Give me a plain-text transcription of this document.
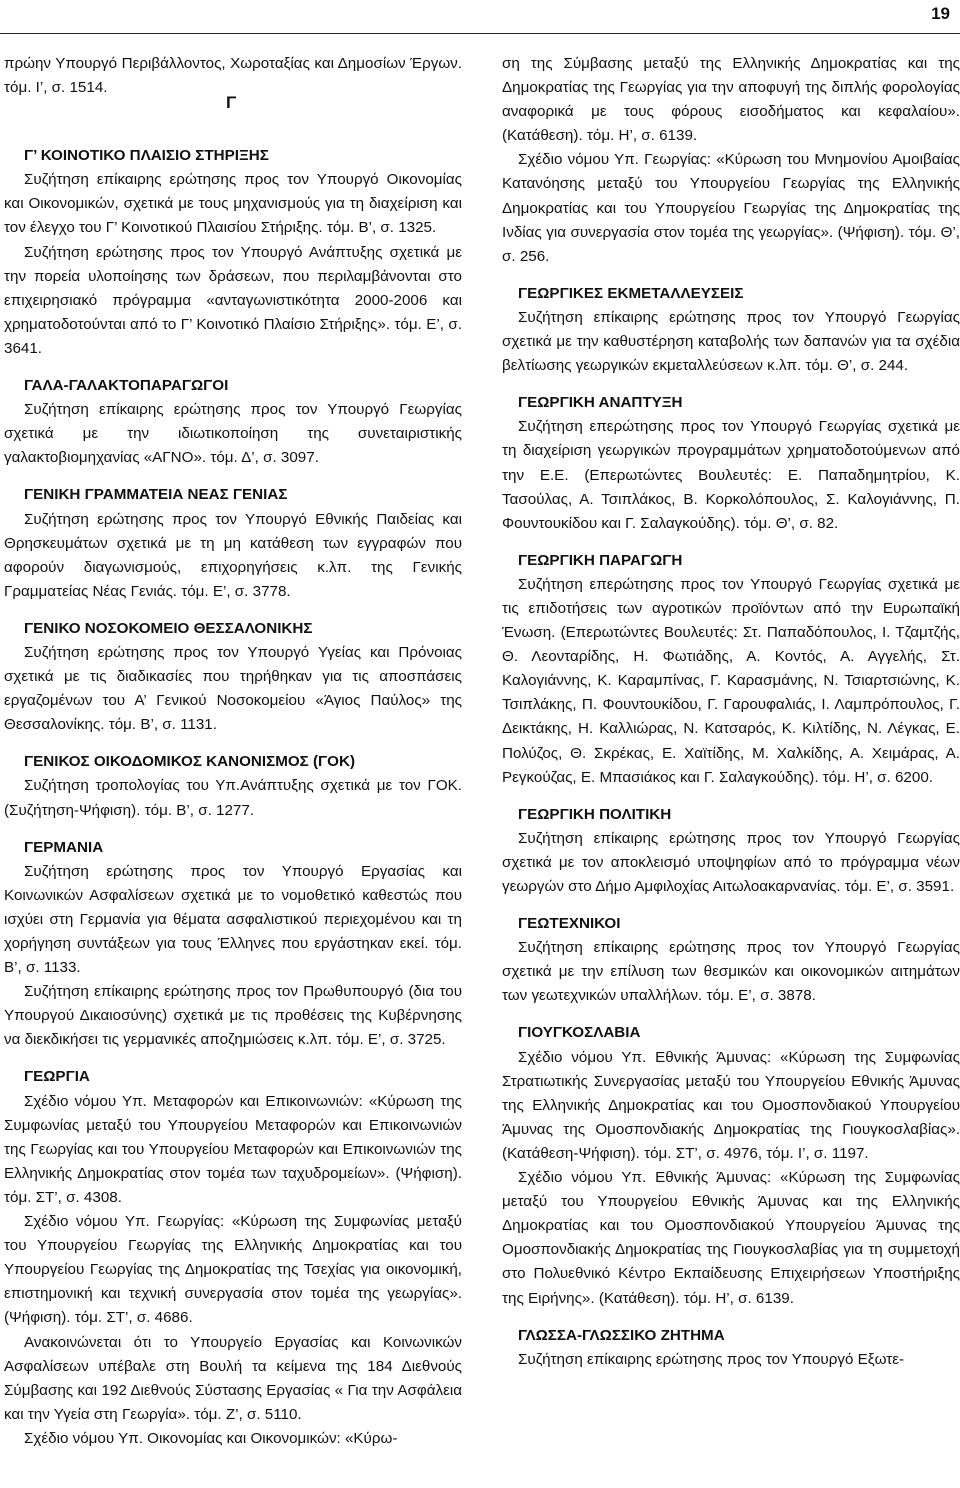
19
Γ

πρώην Υπουργό Περιβάλλοντος, Χωροταξίας και Δημοσίων Έργων. τόμ. Ι’, σ. 1514.

Γ’ ΚΟΙΝΟΤΙΚΟ ΠΛΑΙΣΙΟ ΣΤΗΡΙΞΗΣ

Συζήτηση επίκαιρης ερώτησης προς τον Υπουργό Οικονομίας και Οικονομικών, σχετικά με τους μηχανισμούς για τη διαχείριση και τον έλεγχο του Γ’ Κοινοτικού Πλαισίου Στήριξης. τόμ. Β’, σ. 1325.

Συζήτηση ερώτησης προς τον Υπουργό Ανάπτυξης σχετικά με την πορεία υλοποίησης των δράσεων, που περιλαμβάνονται στο επιχειρησιακό πρόγραμμα «ανταγωνιστικότητα 2000-2006 και χρηματοδοτούνται από το Γ’ Κοινοτικό Πλαίσιο Στήριξης». τόμ. Ε’, σ. 3641.

ΓΑΛΑ-ΓΑΛΑΚΤΟΠΑΡΑΓΩΓΟΙ

Συζήτηση επίκαιρης ερώτησης προς τον Υπουργό Γεωργίας σχετικά με την ιδιωτικοποίηση της συνεταιριστικής γαλακτοβιομηχανίας «ΑΓΝΟ». τόμ. Δ’, σ. 3097.

ΓΕΝΙΚΗ ΓΡΑΜΜΑΤΕΙΑ ΝΕΑΣ ΓΕΝΙΑΣ

Συζήτηση ερώτησης προς τον Υπουργό Εθνικής Παιδείας και Θρησκευμάτων σχετικά με τη μη κατάθεση των εγγραφών που αφορούν διαγωνισμούς, επιχορηγήσεις κ.λπ. της Γενικής Γραμματείας Νέας Γενιάς. τόμ. Ε’, σ. 3778.

ΓΕΝΙΚΟ ΝΟΣΟΚΟΜΕΙΟ ΘΕΣΣΑΛΟΝΙΚΗΣ

Συζήτηση ερώτησης προς τον Υπουργό Υγείας και Πρόνοιας σχετικά με τις διαδικασίες που τηρήθηκαν για τις αποσπάσεις εργαζομένων του Α’ Γενικού Νοσοκομείου «Άγιος Παύλος» της Θεσσαλονίκης. τόμ. Β’, σ. 1131.

ΓΕΝΙΚΟΣ ΟΙΚΟΔΟΜΙΚΟΣ ΚΑΝΟΝΙΣΜΟΣ (ΓΟΚ)

Συζήτηση τροπολογίας του Υπ.Ανάπτυξης σχετικά με τον ΓΟΚ. (Συζήτηση-Ψήφιση). τόμ. Β’, σ. 1277.

ΓΕΡΜΑΝΙΑ

Συζήτηση ερώτησης προς τον Υπουργό Εργασίας και Κοινωνικών Ασφαλίσεων σχετικά με το νομοθετικό καθεστώς που ισχύει στη Γερμανία για θέματα ασφαλιστικού περιεχομένου και τη χορήγηση συντάξεων για τους Έλληνες που εργάστηκαν εκεί. τόμ. Β’, σ. 1133.

Συζήτηση επίκαιρης ερώτησης προς τον Πρωθυπουργό (δια του Υπουργού Δικαιοσύνης) σχετικά με τις προθέσεις της Κυβέρνησης να διεκδικήσει τις γερμανικές αποζημιώσεις κ.λπ. τόμ. Ε’, σ. 3725.

ΓΕΩΡΓΙΑ

Σχέδιο νόμου Υπ. Μεταφορών και Επικοινωνιών: «Κύρωση της Συμφωνίας μεταξύ του Υπουργείου Μεταφορών και Επικοινωνιών της Γεωργίας και του Υπουργείου Μεταφορών και Επικοινωνιών της Ελληνικής Δημοκρατίας στον τομέα των ταχυδρομείων». (Ψήφιση). τόμ. ΣΤ’, σ. 4308.

Σχέδιο νόμου Υπ. Γεωργίας: «Κύρωση της Συμφωνίας μεταξύ του Υπουργείου Γεωργίας της Ελληνικής Δημοκρατίας και του Υπουργείου Γεωργίας της Δημοκρατίας της Τσεχίας για οικονομική, επιστημονική και τεχνική συνεργασία στον τομέα της γεωργίας». (Ψήφιση). τόμ. ΣΤ’, σ. 4686.

Ανακοινώνεται ότι το Υπουργείο Εργασίας και Κοινωνικών Ασφαλίσεων υπέβαλε στη Βουλή τα κείμενα της 184 Διεθνούς Σύμβασης και 192 Διεθνούς Σύστασης Εργασίας « Για την Ασφάλεια και την Υγεία στη Γεωργία». τόμ. Ζ’, σ. 5110.

Σχέδιο νόμου Υπ. Οικονομίας και Οικονομικών: «Κύρω-

ση της Σύμβασης μεταξύ της Ελληνικής Δημοκρατίας και της Δημοκρατίας της Γεωργίας για την αποφυγή της διπλής φορολογίας αναφορικά με τους φόρους εισοδήματος και κεφαλαίου». (Κατάθεση). τόμ. Η’, σ. 6139.

Σχέδιο νόμου Υπ. Γεωργίας: «Κύρωση του Μνημονίου Αμοιβαίας Κατανόησης μεταξύ του Υπουργείου Γεωργίας της Ελληνικής Δημοκρατίας και του Υπουργείου Γεωργίας της Δημοκρατίας της Ινδίας για συνεργασία στον τομέα της γεωργίας». (Ψήφιση). τόμ. Θ’, σ. 256.

ΓΕΩΡΓΙΚΕΣ ΕΚΜΕΤΑΛΛΕΥΣΕΙΣ

Συζήτηση επίκαιρης ερώτησης προς τον Υπουργό Γεωργίας σχετικά με την καθυστέρηση καταβολής των δαπανών για τα σχέδια βελτίωσης γεωργικών εκμεταλλεύσεων κ.λπ. τόμ. Θ’, σ. 244.

ΓΕΩΡΓΙΚΗ ΑΝΑΠΤΥΞΗ

Συζήτηση επερώτησης προς τον Υπουργό Γεωργίας σχετικά με τη διαχείριση γεωργικών προγραμμάτων χρηματοδοτούμενων από την Ε.Ε. (Επερωτώντες Βουλευτές: Ε. Παπαδημητρίου, Κ. Τασούλας, Α. Τσιπλάκος, Β. Κορκολόπουλος, Σ. Καλογιάννης, Π. Φουντουκίδου και Γ. Σαλαγκούδης). τόμ. Θ’, σ. 82.

ΓΕΩΡΓΙΚΗ ΠΑΡΑΓΩΓΗ

Συζήτηση επερώτησης προς τον Υπουργό Γεωργίας σχετικά με τις επιδοτήσεις των αγροτικών προϊόντων από την Ευρωπαϊκή Ένωση. (Επερωτώντες Βουλευτές: Στ. Παπαδόπουλος, Ι. Τζαμτζής, Θ. Λεονταρίδης, Η. Φωτιάδης, Α. Κοντός, Α. Αγγελής, Στ. Καλογιάννης, Κ. Καραμπίνας, Γ. Καρασμάνης, Ν. Τσιαρτσιώνης, Κ. Τσιπλάκης, Π. Φουντουκίδου, Γ. Γαρουφαλιάς, Ι. Λαμπρόπουλος, Γ. Δεικτάκης, Η. Καλλιώρας, Ν. Κατσαρός, Κ. Κιλτίδης, Ν. Λέγκας, Ε. Πολύζος, Θ. Σκρέκας, Ε. Χαϊτίδης, Μ. Χαλκίδης, Α. Χειμάρας, Α. Ρεγκούζας, Ε. Μπασιάκος και Γ. Σαλαγκούδης). τόμ. Η’, σ. 6200.

ΓΕΩΡΓΙΚΗ ΠΟΛΙΤΙΚΗ

Συζήτηση επίκαιρης ερώτησης προς τον Υπουργό Γεωργίας σχετικά με τον αποκλεισμό υποψηφίων από το πρόγραμμα νέων γεωργών στο Δήμο Αμφιλοχίας Αιτωλοακαρνανίας. τόμ. Ε’, σ. 3591.

ΓΕΩΤΕΧΝΙΚΟΙ

Συζήτηση επίκαιρης ερώτησης προς τον Υπουργό Γεωργίας σχετικά με την επίλυση των θεσμικών και οικονομικών αιτημάτων των γεωτεχνικών υπαλλήλων. τόμ. Ε’, σ. 3878.

ΓΙΟΥΓΚΟΣΛΑΒΙΑ

Σχέδιο νόμου Υπ. Εθνικής Άμυνας: «Κύρωση της Συμφωνίας Στρατιωτικής Συνεργασίας μεταξύ του Υπουργείου Εθνικής Άμυνας της Ελληνικής Δημοκρατίας και του Ομοσπονδιακού Υπουργείου Άμυνας της Ομοσπονδιακής Δημοκρατίας της Γιουγκοσλαβίας». (Κατάθεση-Ψήφιση). τόμ. ΣΤ’, σ. 4976, τόμ. Ι’, σ. 1197.

Σχέδιο νόμου Υπ. Εθνικής Άμυνας: «Κύρωση της Συμφωνίας μεταξύ του Υπουργείου Εθνικής Άμυνας και της Ελληνικής Δημοκρατίας και του Ομοσπονδιακού Υπουργείου Άμυνας της Ομοσπονδιακής Δημοκρατίας της Γιουγκοσλαβίας για τη συμμετοχή στο Πολυεθνικό Κέντρο Εκπαίδευσης Επιχειρήσεων Υποστήριξης της Ειρήνης». (Κατάθεση). τόμ. Η’, σ. 6139.

ΓΛΩΣΣΑ-ΓΛΩΣΣΙΚΟ ΖΗΤΗΜΑ

Συζήτηση επίκαιρης ερώτησης προς τον Υπουργό Εξωτε-
